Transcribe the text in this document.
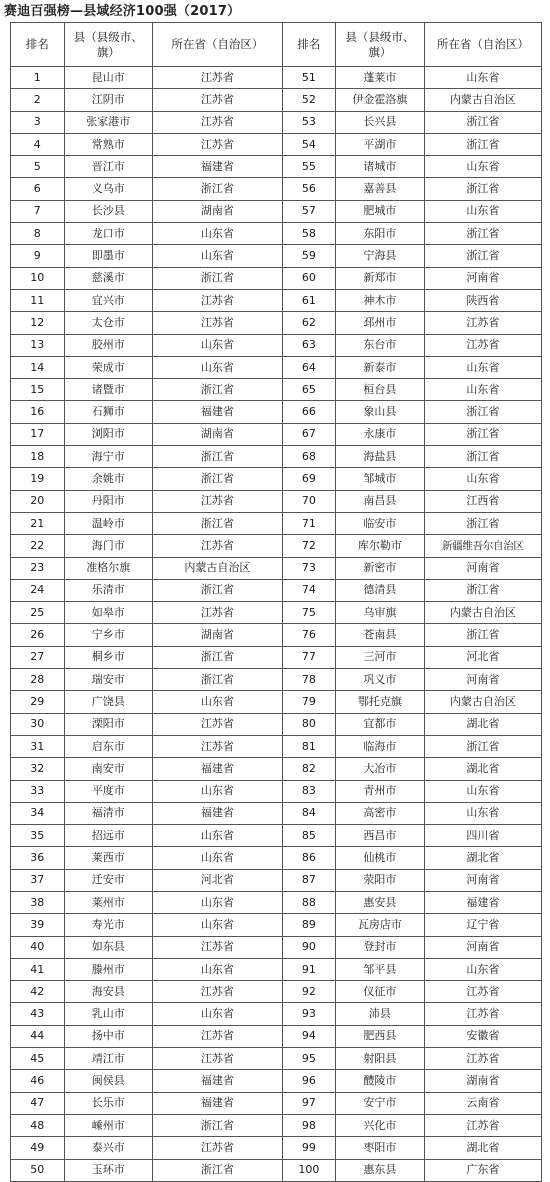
赛迪百强榜—县域经济100强（2017）
排名	县（县级市、
旗）	所在省（自治区）	排名	县（县级市、
旗）	所在省（自治区）
1	昆山市	江苏省	51	蓬莱市	山东省
2	江阴市	江苏省	52	伊金霍洛旗	内蒙古自治区
3	张家港市	江苏省	53	长兴县	浙江省
4	常熟市	江苏省	54	平湖市	浙江省
5	晋江市	福建省	55	诸城市	山东省
6	义乌市	浙江省	56	嘉善县	浙江省
7	长沙县	湖南省	57	肥城市	山东省
8	龙口市	山东省	58	东阳市	浙江省
9	即墨市	山东省	59	宁海县	浙江省
10	慈溪市	浙江省	60	新郑市	河南省
11	宜兴市	江苏省	61	神木市	陕西省
12	太仓市	江苏省	62	邳州市	江苏省
13	胶州市	山东省	63	东台市	江苏省
14	荣成市	山东省	64	新泰市	山东省
15	诸暨市	浙江省	65	桓台县	山东省
16	石狮市	福建省	66	象山县	浙江省
17	浏阳市	湖南省	67	永康市	浙江省
18	海宁市	浙江省	68	海盐县	浙江省
19	余姚市	浙江省	69	邹城市	山东省
20	丹阳市	江苏省	70	南昌县	江西省
21	温岭市	浙江省	71	临安市	浙江省
22	海门市	江苏省	72	库尔勒市	新疆维吾尔自治区
23	准格尔旗	内蒙古自治区	73	新密市	河南省
24	乐清市	浙江省	74	德清县	浙江省
25	如皋市	江苏省	75	乌审旗	内蒙古自治区
26	宁乡市	湖南省	76	苍南县	浙江省
27	桐乡市	浙江省	77	三河市	河北省
28	瑞安市	浙江省	78	巩义市	河南省
29	广饶县	山东省	79	鄂托克旗	内蒙古自治区
30	溧阳市	江苏省	80	宜都市	湖北省
31	启东市	江苏省	81	临海市	浙江省
32	南安市	福建省	82	大冶市	湖北省
33	平度市	山东省	83	青州市	山东省
34	福清市	福建省	84	高密市	山东省
35	招远市	山东省	85	西昌市	四川省
36	莱西市	山东省	86	仙桃市	湖北省
37	迁安市	河北省	87	荥阳市	河南省
38	莱州市	山东省	88	惠安县	福建省
39	寿光市	山东省	89	瓦房店市	辽宁省
40	如东县	江苏省	90	登封市	河南省
41	滕州市	山东省	91	邹平县	山东省
42	海安县	江苏省	92	仪征市	江苏省
43	乳山市	山东省	93	沛县	江苏省
44	扬中市	江苏省	94	肥西县	安徽省
45	靖江市	江苏省	95	射阳县	江苏省
46	闽侯县	福建省	96	醴陵市	湖南省
47	长乐市	福建省	97	安宁市	云南省
48	嵊州市	浙江省	98	兴化市	江苏省
49	泰兴市	江苏省	99	枣阳市	湖北省
50	玉环市	浙江省	100	惠东县	广东省
